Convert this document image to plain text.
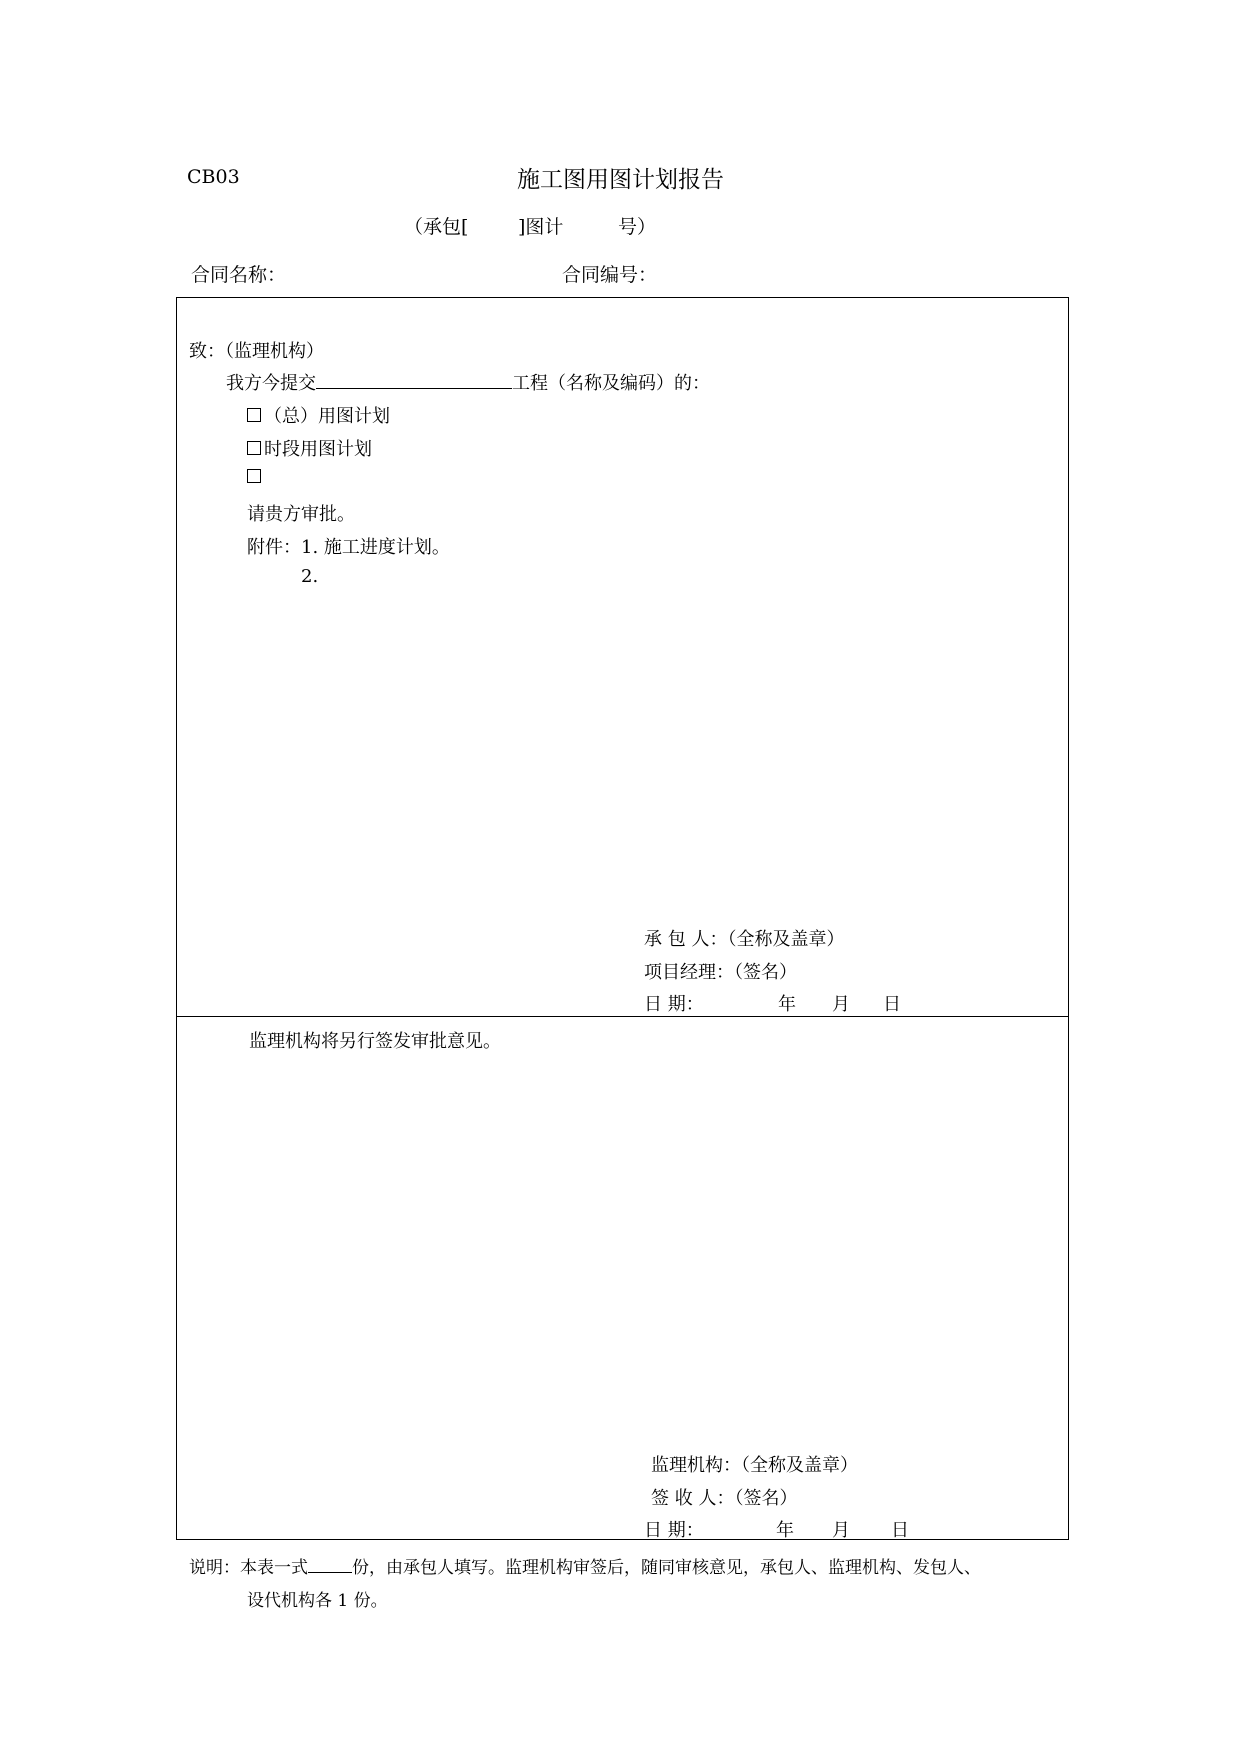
CB03	施工图用图计划报告
（承包[	]图计	号）
合同名称：	合同编号：
致：（监理机构）
我方今提交	工程（名称及编码）的：
（总）用图计划
时段用图计划
请贵方审批。
附件： 1. 施工进度计划。
2.
承 包 人：（全称及盖章）
项目经理：（签名）
日 期：	年 月 日
监理机构将另行签发审批意见。
监理机构：（全称及盖章）
签 收 人：（签名）
日 期：	年 月 日
说明：本表一式	份，由承包人填写。监理机构审签后，随同审核意见，承包人、监理机构、发包人、
设代机构各 1 份。
